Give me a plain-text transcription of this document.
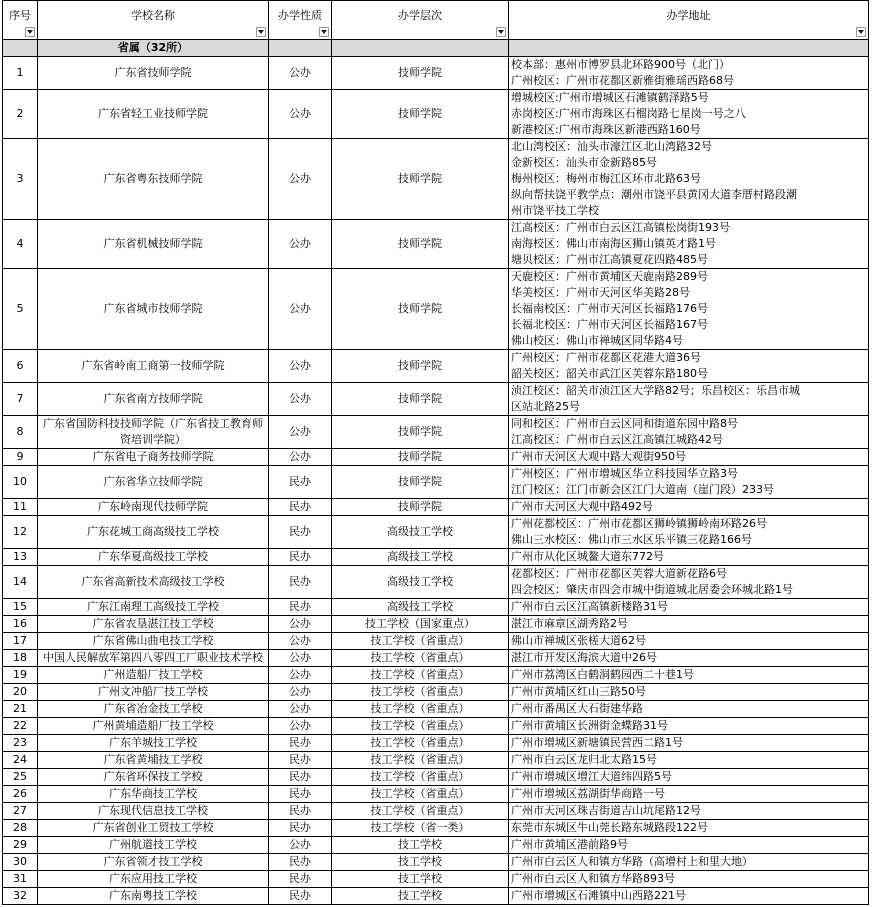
序号	学校名称	办学性质	办学层次	办学地址

	省属（32所）			
1	广东省技师学院	公办	技师学院	校本部：惠州市博罗县北环路900号（北门）
广州校区：广州市花都区新雅街雅瑶西路68号

2	广东省轻工业技师学院	公办	技师学院	增城校区:广州市增城区石滩镇鹤泽路5号
赤岗校区:广州市海珠区石榴岗路七星岗一号之八
新港校区:广州市海珠区新港西路160号

3	广东省粤东技师学院	公办	技师学院	北山湾校区：汕头市濠江区北山湾路32号
金新校区：汕头市金新路85号
梅州校区：梅州市梅江区环市北路63号
纵向帮扶饶平教学点：潮州市饶平县黄冈大道李厝村路段潮
州市饶平技工学校

4	广东省机械技师学院	公办	技师学院	江高校区：广州市白云区江高镇松岗街193号
南海校区：佛山市南海区狮山镇英才路1号
塘贝校区：广州市江高镇夏花四路485号

5	广东省城市技师学院	公办	技师学院	天鹿校区：广州市黄埔区天鹿南路289号
华美校区：广州市天河区华美路28号
长福南校区：广州市天河区长福路176号
长福北校区：广州市天河区长福路167号
佛山校区：佛山市禅城区同华路4号

6	广东省岭南工商第一技师学院	公办	技师学院	广州校区：广州市花都区花港大道36号
韶关校区：韶关市武江区芙蓉东路180号

7	广东省南方技师学院	公办	技师学院	浈江校区：韶关市浈江区大学路82号；乐昌校区：乐昌市城
区站北路25号

8	广东省国防科技技师学院（广东省技工教育师资培训学院）	公办	技师学院	同和校区：广州市白云区同和街道东园中路8号
江高校区：广州市白云区江高镇江城路42号

9	广东省电子商务技师学院	公办	技师学院	广州市天河区大观中路大观街950号

10	广东省华立技师学院	民办	技师学院	广州校区：广州市增城区华立科技园华立路3号
江门校区：江门市新会区江门大道南（崖门段）233号

11	广东岭南现代技师学院	民办	技师学院	广州市天河区大观中路492号

12	广东花城工商高级技工学校	民办	高级技工学校	广州花都校区：广州市花都区狮岭镇狮岭南环路26号
佛山三水校区：佛山市三水区乐平镇三花路166号

13	广东华夏高级技工学校	民办	高级技工学校	广州市从化区城鳌大道东772号

14	广东省高新技术高级技工学校	民办	高级技工学校	花都校区：广州市花都区芙蓉大道新花路6号
四会校区：肇庆市四会市城中街道城北居委会环城北路1号

15	广东江南理工高级技工学校	民办	高级技工学校	广州市白云区江高镇新楼路31号

16	广东省农垦湛江技工学校	公办	技工学校（国家重点）	湛江市麻章区湖秀路2号

17	广东省佛山曲电技工学校	公办	技工学校（省重点）	佛山市禅城区张槎大道62号

18	中国人民解放军第四八零四工厂职业技术学校	公办	技工学校（省重点）	湛江市开发区海滨大道中26号

19	广州造船厂技工学校	公办	技工学校（省重点）	广州市荔湾区白鹤洞鹤园西二十巷1号

20	广州文冲船厂技工学校	公办	技工学校（省重点）	广州市黄埔区红山三路50号

21	广东省冶金技工学校	公办	技工学校（省重点）	广州市番禺区大石街建华路

22	广州黄埔造船厂技工学校	公办	技工学校（省重点）	广州市黄埔区长洲街金蝶路31号

23	广东羊城技工学校	民办	技工学校（省重点）	广州市增城区新塘镇民营西二路1号

24	广东省黄埔技工学校	民办	技工学校（省重点）	广州市白云区龙归北太路15号

25	广东省环保技工学校	民办	技工学校（省重点）	广州市增城区增江大道纬四路5号

26	广东华商技工学校	民办	技工学校（省重点）	广州市增城区荔湖街华商路一号

27	广东现代信息技工学校	民办	技工学校（省重点）	广州市天河区珠吉街道吉山坑尾路12号

28	广东省创业工贸技工学校	民办	技工学校（省一类）	东莞市东城区牛山莞长路东城路段122号

29	广州航道技工学校	公办	技工学校	广州市黄埔区港前路9号

30	广东省领才技工学校	民办	技工学校	广州市白云区人和镇方华路（高增村上和里大地）

31	广东应用技工学校	民办	技工学校	广州市白云区人和镇方华路893号

32	广东南粤技工学校	民办	技工学校	广州市增城区石滩镇中山西路221号
